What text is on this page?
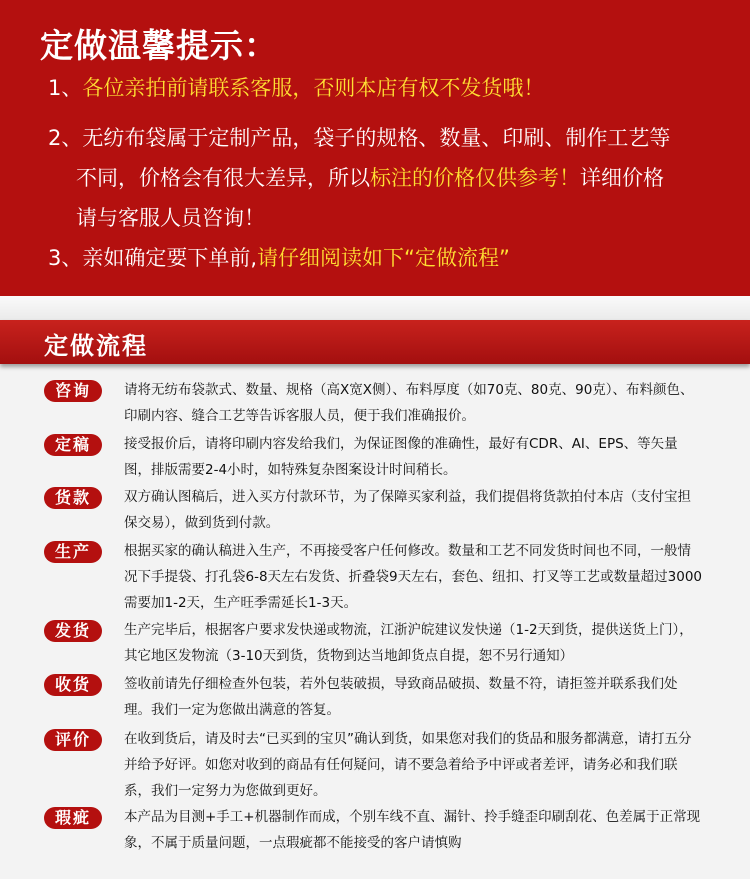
定做温馨提示：

1、各位亲拍前请联系客服，否则本店有权不发货哦！

2、无纺布袋属于定制产品，袋子的规格、数量、印刷、制作工艺等
不同，价格会有很大差异，所以标注的价格仅供参考！详细价格
请与客服人员咨询！

3、亲如确定要下单前,请仔细阅读如下“定做流程”

定做流程
咨询	请将无纺布袋款式、数量、规格（高X宽X侧）、布料厚度（如70克、80克、90克）、布料颜色、印刷内容、缝合工艺等告诉客服人员，便于我们准确报价。

定稿	接受报价后，请将印刷内容发给我们，为保证图像的准确性，最好有CDR、AI、EPS、等矢量图，排版需要2-4小时，如特殊复杂图案设计时间稍长。

货款	双方确认图稿后，进入买方付款环节，为了保障买家利益，我们提倡将货款拍付本店（支付宝担保交易），做到货到付款。

生产	根据买家的确认稿进入生产，不再接受客户任何修改。数量和工艺不同发货时间也不同，一般情况下手提袋、打孔袋6-8天左右发货、折叠袋9天左右，套色、纽扣、打叉等工艺或数量超过3000需要加1-2天，生产旺季需延长1-3天。

发货	生产完毕后，根据客户要求发快递或物流，江浙沪皖建议发快递（1-2天到货，提供送货上门），其它地区发物流（3-10天到货，货物到达当地卸货点自提，恕不另行通知）

收货	签收前请先仔细检查外包装，若外包装破损，导致商品破损、数量不符，请拒签并联系我们处理。我们一定为您做出满意的答复。

评价	在收到货后，请及时去“已买到的宝贝”确认到货，如果您对我们的货品和服务都满意，请打五分并给予好评。如您对收到的商品有任何疑问，请不要急着给予中评或者差评，请务必和我们联系，我们一定努力为您做到更好。

瑕疵	本产品为目测+手工+机器制作而成，个别车线不直、漏针、拎手缝歪印刷刮花、色差属于正常现象，不属于质量问题，一点瑕疵都不能接受的客户请慎购
